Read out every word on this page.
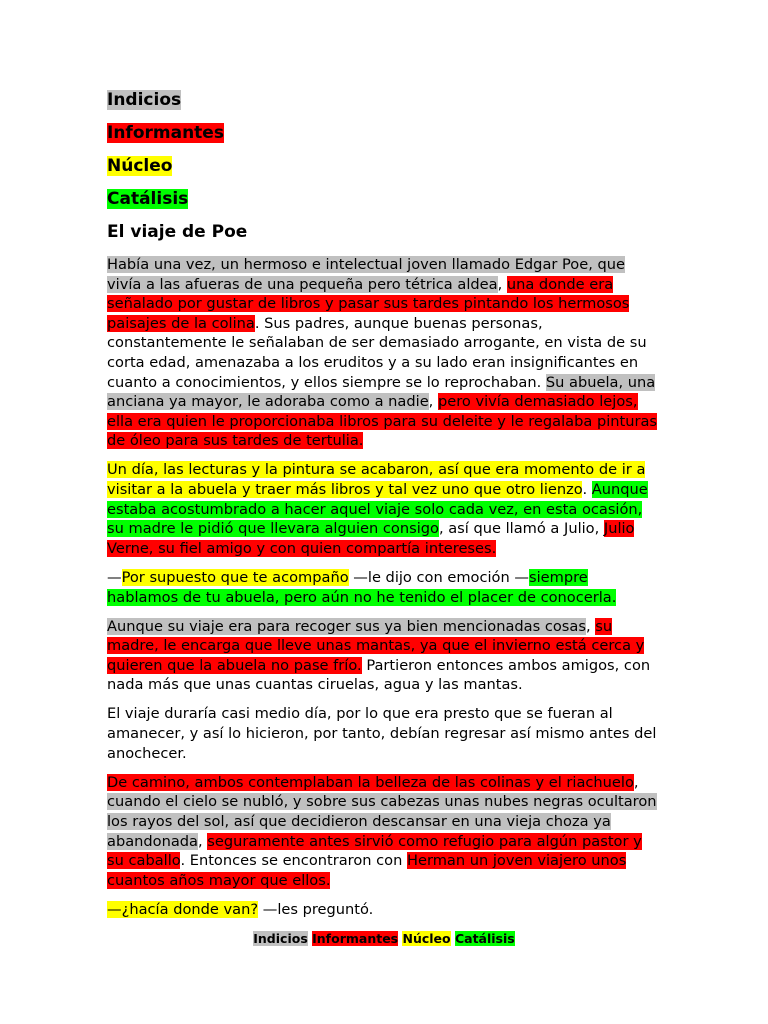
Indicios
Informantes
Núcleo
Catálisis
El viaje de Poe

Había una vez, un hermoso e intelectual joven llamado Edgar Poe, que vivía a las afueras de una pequeña pero tétrica aldea, una donde era señalado por gustar de libros y pasar sus tardes pintando los hermosos paisajes de la colina. Sus padres, aunque buenas personas, constantemente le señalaban de ser demasiado arrogante, en vista de su corta edad, amenazaba a los eruditos y a su lado eran insignificantes en cuanto a conocimientos, y ellos siempre se lo reprochaban. Su abuela, una anciana ya mayor, le adoraba como a nadie, pero vivía demasiado lejos, ella era quien le proporcionaba libros para su deleite y le regalaba pinturas de óleo para sus tardes de tertulia.

Un día, las lecturas y la pintura se acabaron, así que era momento de ir a visitar a la abuela y traer más libros y tal vez uno que otro lienzo. Aunque estaba acostumbrado a hacer aquel viaje solo cada vez, en esta ocasión, su madre le pidió que llevara alguien consigo, así que llamó a Julio, Julio Verne, su fiel amigo y con quien compartía intereses.

—Por supuesto que te acompaño —le dijo con emoción —siempre hablamos de tu abuela, pero aún no he tenido el placer de conocerla.

Aunque su viaje era para recoger sus ya bien mencionadas cosas, su madre, le encarga que lleve unas mantas, ya que el invierno está cerca y quieren que la abuela no pase frío. Partieron entonces ambos amigos, con nada más que unas cuantas ciruelas, agua y las mantas.

El viaje duraría casi medio día, por lo que era presto que se fueran al amanecer, y así lo hicieron, por tanto, debían regresar así mismo antes del anochecer.

De camino, ambos contemplaban la belleza de las colinas y el riachuelo, cuando el cielo se nubló, y sobre sus cabezas unas nubes negras ocultaron los rayos del sol, así que decidieron descansar en una vieja choza ya abandonada, seguramente antes sirvió como refugio para algún pastor y su caballo. Entonces se encontraron con Herman un joven viajero unos cuantos años mayor que ellos.

—¿hacía donde van? —les preguntó.

Indicios Informantes Núcleo Catálisis
